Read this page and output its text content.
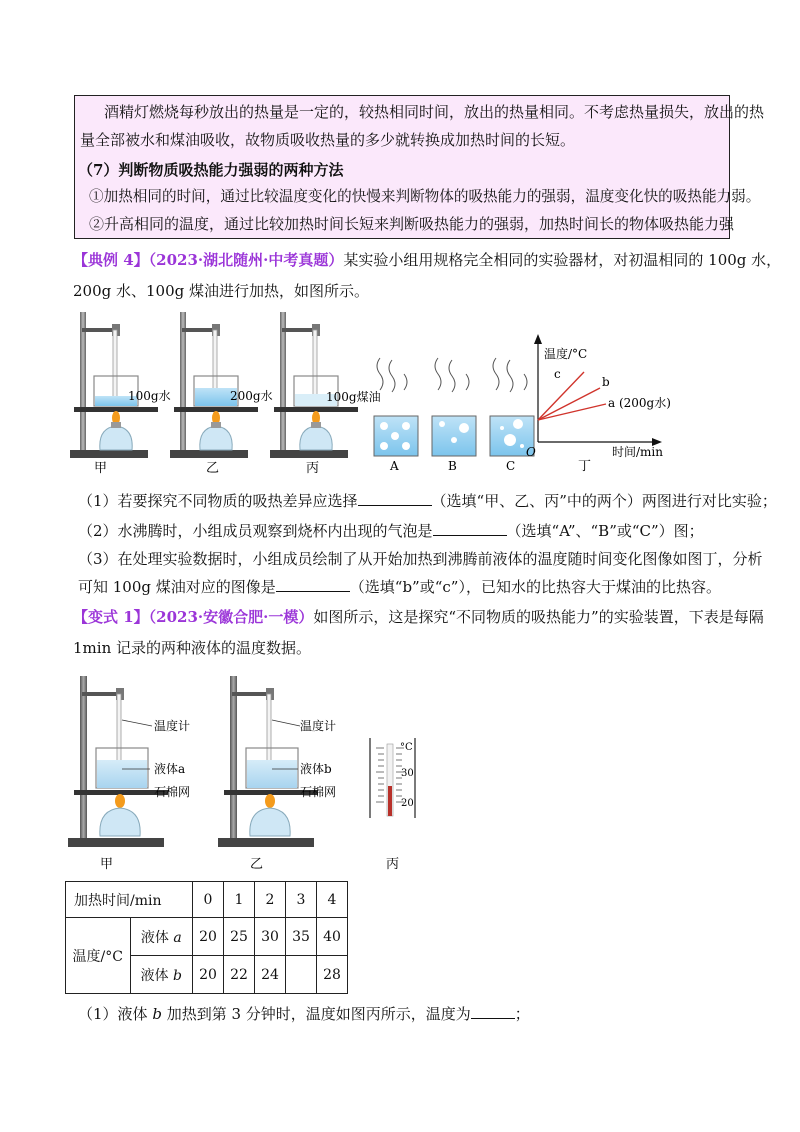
酒精灯燃烧每秒放出的热量是一定的，较热相同时间，放出的热量相同。不考虑热量损失，放出的热
量全部被水和煤油吸收，故物质吸收热量的多少就转换成加热时间的长短。
（7）判断物质吸热能力强弱的两种方法
①加热相同的时间，通过比较温度变化的快慢来判断物体的吸热能力的强弱，温度变化快的吸热能力弱。
②升高相同的温度，通过比较加热时间长短来判断吸热能力的强弱，加热时间长的物体吸热能力强
【典例 4】（2023·湖北随州·中考真题）某实验小组用规格完全相同的实验器材，对初温相同的 100g 水，
200g 水、100g 煤油进行加热，如图所示。
100g水
甲
200g水
乙
100g煤油
丙	A	B	C
温度/°C
时间/min
O
c
b
a (200g水)
丁
（1）若要探究不同物质的吸热差异应选择	（选填“甲、乙、丙”中的两个）两图进行对比实验；
（2）水沸腾时，小组成员观察到烧杯内出现的气泡是	（选填“A”、“B”或“C”）图；
（3）在处理实验数据时，小组成员绘制了从开始加热到沸腾前液体的温度随时间变化图像如图丁，分析
可知 100g 煤油对应的图像是	（选填“b”或“c”），已知水的比热容大于煤油的比热容。
【变式 1】（2023·安徽合肥·一模）如图所示，这是探究“不同物质的吸热能力”的实验装置，下表是每隔
1min 记录的两种液体的温度数据。
温度计
液体a
石棉网
甲
温度计
液体b
石棉网
乙
°C
30
20
丙
加热时间/min		0	1	2	3	4
温度/°C	液体 a	20	25	30	35	40
	液体 b	20	22	24		28
（1）液体 b 加热到第 3 分钟时，温度如图丙所示，温度为	；
